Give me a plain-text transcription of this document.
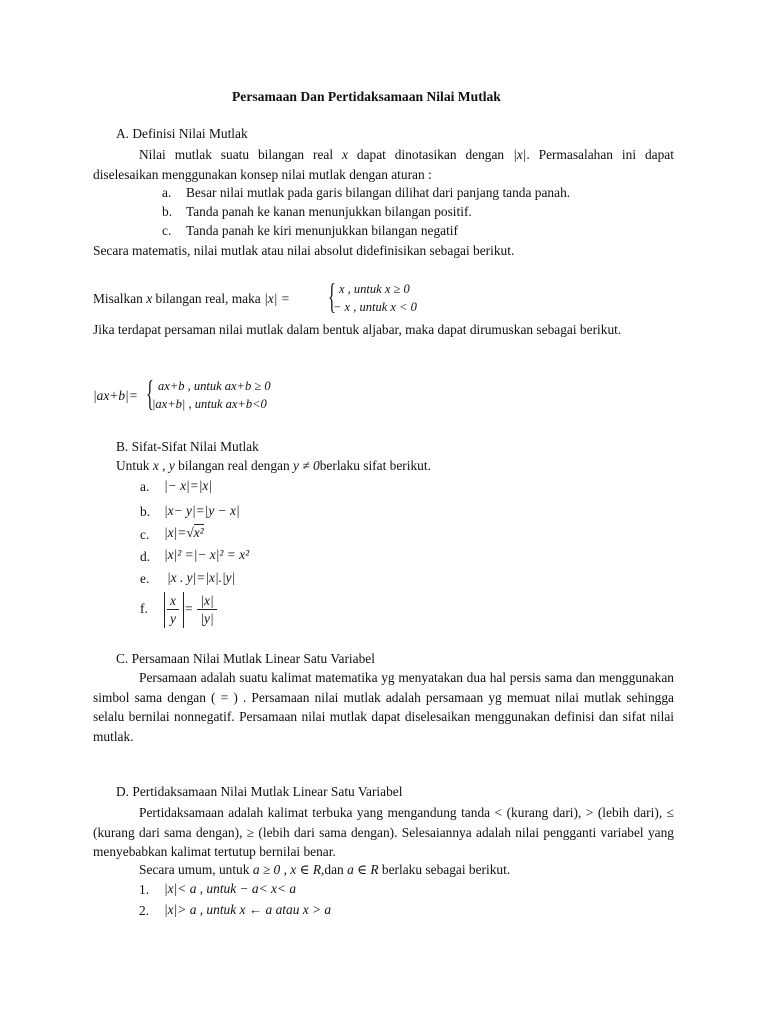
Persamaan Dan Pertidaksamaan Nilai Mutlak
A. Definisi Nilai Mutlak
Nilai mutlak suatu bilangan real x dapat dinotasikan dengan |x|. Permasalahan ini dapat diselesaikan menggunakan konsep nilai mutlak dengan aturan :
a. Besar nilai mutlak pada garis bilangan dilihat dari panjang tanda panah.
b. Tanda panah ke kanan menunjukkan bilangan positif.
c. Tanda panah ke kiri menunjukkan bilangan negatif
Secara matematis, nilai mutlak atau nilai absolut didefinisikan sebagai berikut.
Misalkan x bilangan real, maka |x| = { x , untuk x ≥ 0
− x , untuk x < 0
Jika terdapat persaman nilai mutlak dalam bentuk aljabar, maka dapat dirumuskan sebagai berikut.
|ax+b|= { ax+b , untuk ax+b ≥ 0
|ax+b| , untuk ax+b<0
B. Sifat-Sifat Nilai Mutlak
Untuk x , y bilangan real dengan y ≠ 0berlaku sifat berikut.
a. |− x|=|x|
b. |x− y|=|y − x|
c. |x|=√x²
d. |x|² =|− x|² = x²
e. |x . y|=|x|.|y|
f. $\frac{x}{y} = \frac{|x|}{|y|}$
C. Persamaan Nilai Mutlak Linear Satu Variabel
Persamaan adalah suatu kalimat matematika yg menyatakan dua hal persis sama dan menggunakan simbol sama dengan ( = ) . Persamaan nilai mutlak adalah persamaan yg memuat nilai mutlak sehingga selalu bernilai nonnegatif. Persamaan nilai mutlak dapat diselesaikan menggunakan definisi dan sifat nilai mutlak.
D. Pertidaksamaan Nilai Mutlak Linear Satu Variabel
Pertidaksamaan adalah kalimat terbuka yang mengandung tanda < (kurang dari), > (lebih dari), ≤ (kurang dari sama dengan), ≥ (lebih dari sama dengan). Selesaiannya adalah nilai pengganti variabel yang menyebabkan kalimat tertutup bernilai benar.
Secara umum, untuk a ≥ 0 , x ∈ R,dan a ∈ R berlaku sebagai berikut.
1. |x|< a , untuk − a< x< a
2. |x|> a , untuk x ← a atau x > a
